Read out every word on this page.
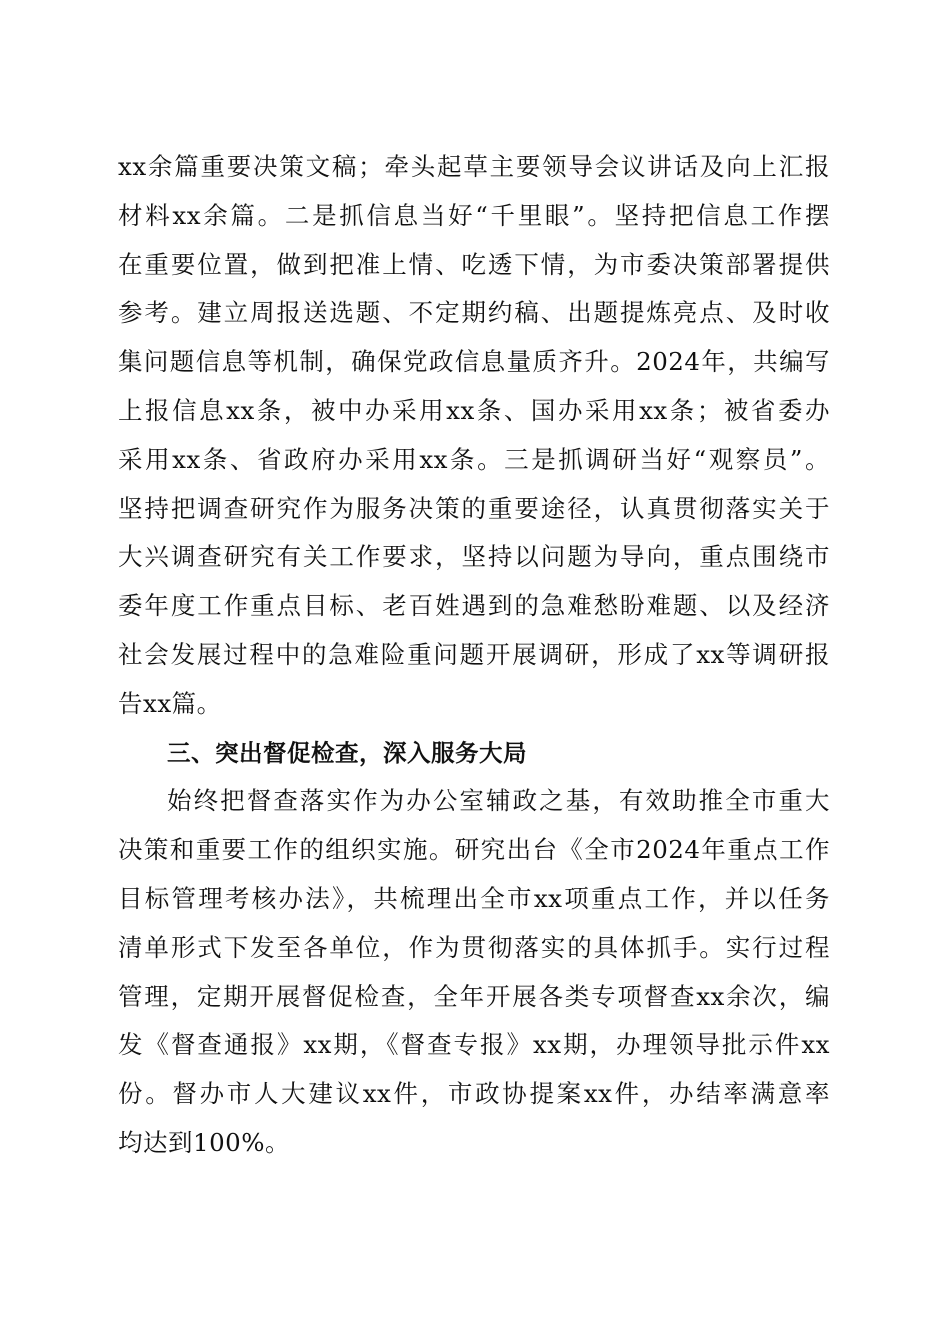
xx余篇重要决策文稿；牵头起草主要领导会议讲话及向上汇报
材料xx余篇。二是抓信息当好“千里眼”。坚持把信息工作摆
在重要位置，做到把准上情、吃透下情，为市委决策部署提供
参考。建立周报送选题、不定期约稿、出题提炼亮点、及时收
集问题信息等机制，确保党政信息量质齐升。2024年，共编写
上报信息xx条，被中办采用xx条、国办采用xx条；被省委办
采用xx条、省政府办采用xx条。三是抓调研当好“观察员”。
坚持把调查研究作为服务决策的重要途径，认真贯彻落实关于
大兴调查研究有关工作要求，坚持以问题为导向，重点围绕市
委年度工作重点目标、老百姓遇到的急难愁盼难题、以及经济
社会发展过程中的急难险重问题开展调研，形成了xx等调研报
告xx篇。
三、突出督促检查，深入服务大局
始终把督查落实作为办公室辅政之基，有效助推全市重大
决策和重要工作的组织实施。研究出台《全市2024年重点工作
目标管理考核办法》，共梳理出全市xx项重点工作，并以任务
清单形式下发至各单位，作为贯彻落实的具体抓手。实行过程
管理，定期开展督促检查，全年开展各类专项督查xx余次，编
发《督查通报》xx期，《督查专报》xx期，办理领导批示件xx
份。督办市人大建议xx件，市政协提案xx件，办结率满意率
均达到100%。
